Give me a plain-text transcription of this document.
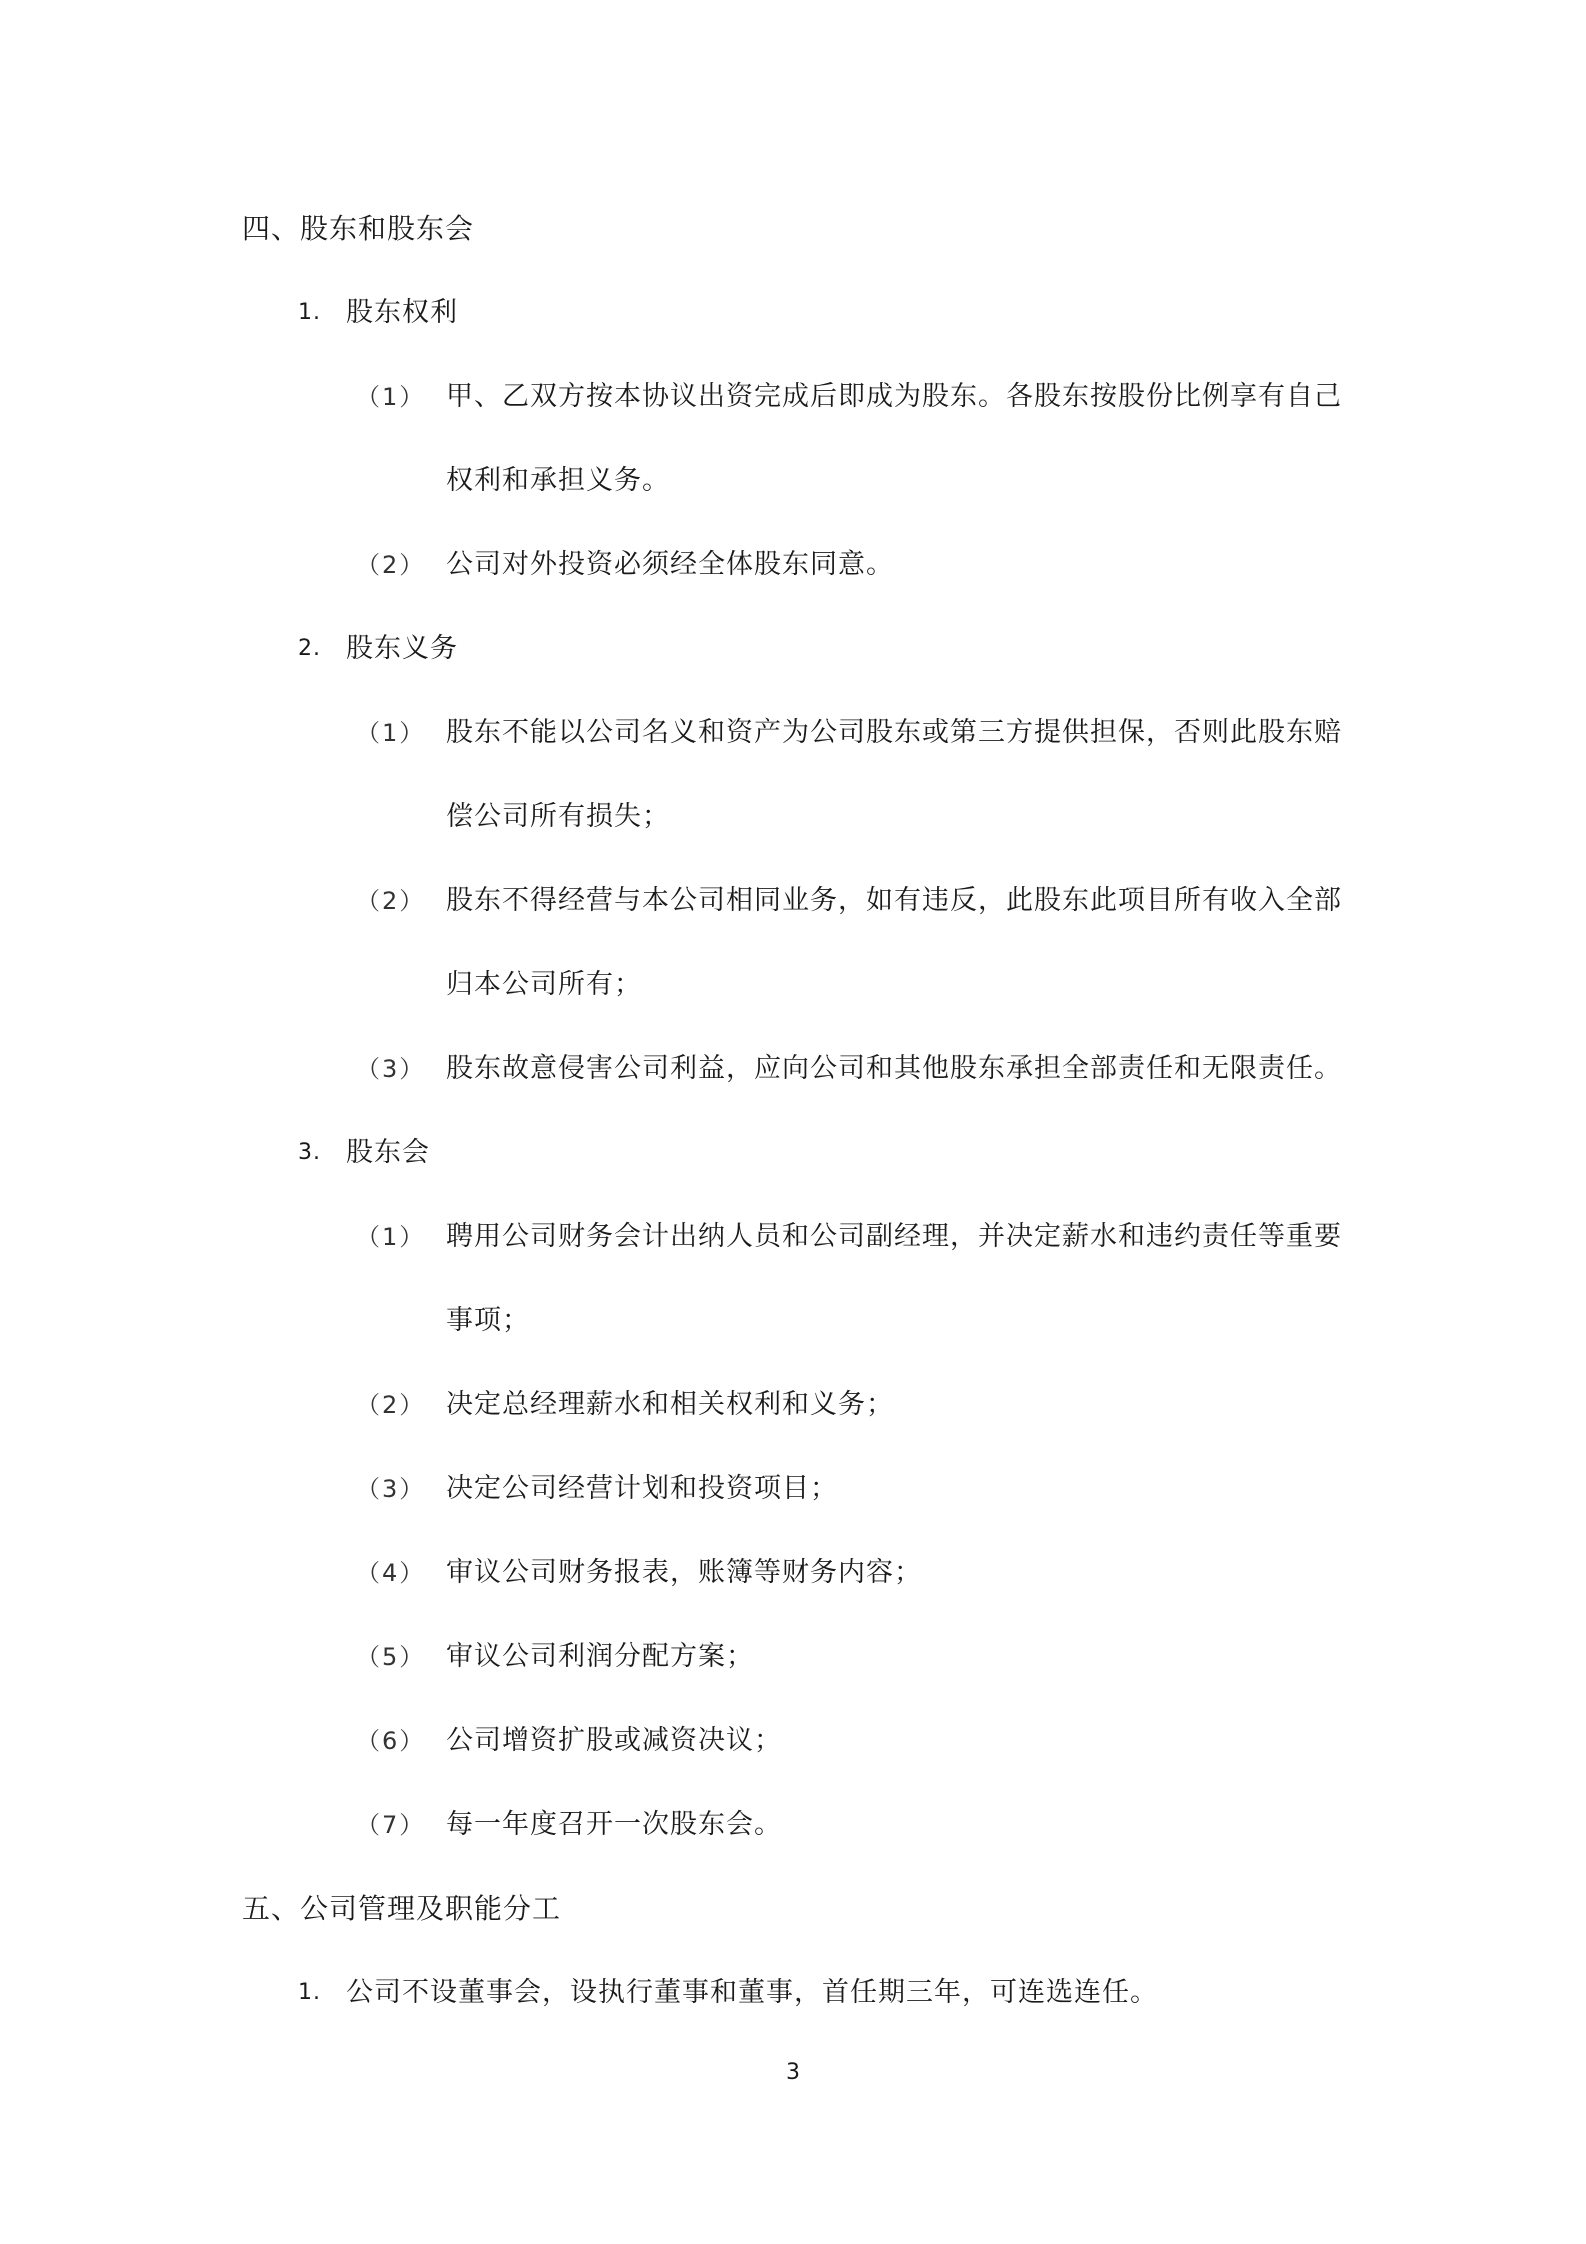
四、股东和股东会
1. 股东权利
（1） 甲、乙双方按本协议出资完成后即成为股东。各股东按股份比例享有自己
权利和承担义务。
（2） 公司对外投资必须经全体股东同意。
2. 股东义务
（1） 股东不能以公司名义和资产为公司股东或第三方提供担保，否则此股东赔
偿公司所有损失；
（2） 股东不得经营与本公司相同业务，如有违反，此股东此项目所有收入全部
归本公司所有；
（3） 股东故意侵害公司利益，应向公司和其他股东承担全部责任和无限责任。
3. 股东会
（1） 聘用公司财务会计出纳人员和公司副经理，并决定薪水和违约责任等重要
事项；
（2） 决定总经理薪水和相关权利和义务；
（3） 决定公司经营计划和投资项目；
（4） 审议公司财务报表，账簿等财务内容；
（5） 审议公司利润分配方案；
（6） 公司增资扩股或减资决议；
（7） 每一年度召开一次股东会。
五、公司管理及职能分工
1. 公司不设董事会，设执行董事和董事，首任期三年，可连选连任。
3
